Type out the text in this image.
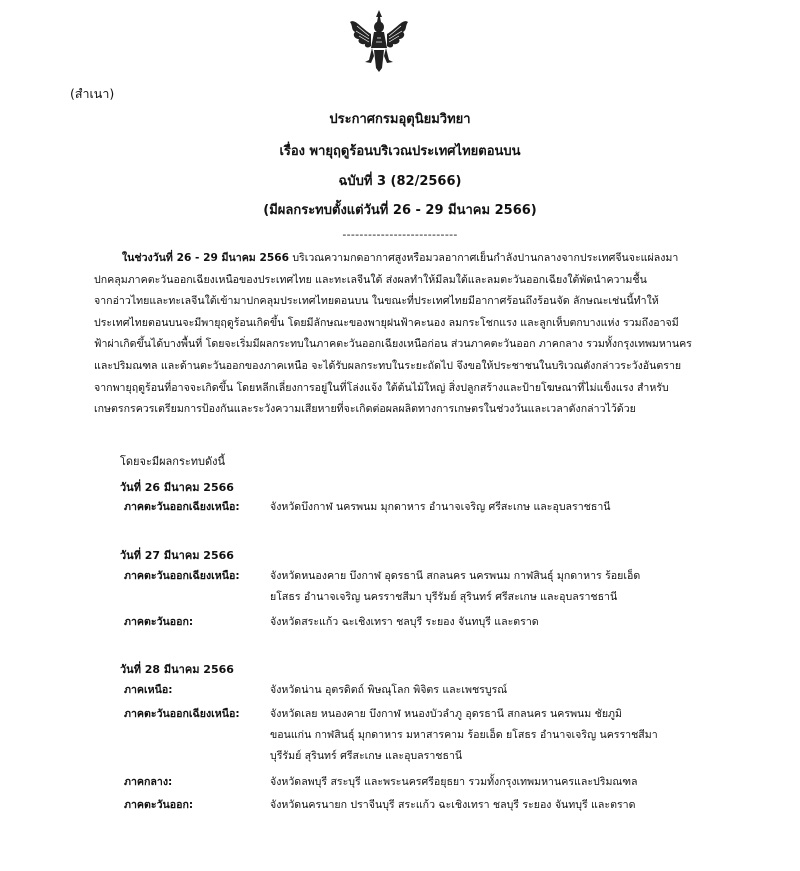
(สำเนา)
ประกาศกรมอุตุนิยมวิทยา
เรื่อง พายุฤดูร้อนบริเวณประเทศไทยตอนบน
ฉบับที่ 3 (82/2566)
(มีผลกระทบตั้งแต่วันที่ 26 - 29 มีนาคม 2566)
---------------------------
ในช่วงวันที่ 26 - 29 มีนาคม 2566 บริเวณความกดอากาศสูงหรือมวลอากาศเย็นกำลังปานกลางจากประเทศจีนจะแผ่ลงมา
ปกคลุมภาคตะวันออกเฉียงเหนือของประเทศไทย และทะเลจีนใต้ ส่งผลทำให้มีลมใต้และลมตะวันออกเฉียงใต้พัดนำความชื้น
จากอ่าวไทยและทะเลจีนใต้เข้ามาปกคลุมประเทศไทยตอนบน ในขณะที่ประเทศไทยมีอากาศร้อนถึงร้อนจัด ลักษณะเช่นนี้ทำให้
ประเทศไทยตอนบนจะมีพายุฤดูร้อนเกิดขึ้น โดยมีลักษณะของพายุฝนฟ้าคะนอง ลมกระโชกแรง และลูกเห็บตกบางแห่ง รวมถึงอาจมี
ฟ้าผ่าเกิดขึ้นได้บางพื้นที่ โดยจะเริ่มมีผลกระทบในภาคตะวันออกเฉียงเหนือก่อน ส่วนภาคตะวันออก ภาคกลาง รวมทั้งกรุงเทพมหานคร
และปริมณฑล และด้านตะวันออกของภาคเหนือ จะได้รับผลกระทบในระยะถัดไป จึงขอให้ประชาชนในบริเวณดังกล่าวระวังอันตราย
จากพายุฤดูร้อนที่อาจจะเกิดขึ้น โดยหลีกเลี่ยงการอยู่ในที่โล่งแจ้ง ใต้ต้นไม้ใหญ่ สิ่งปลูกสร้างและป้ายโฆษณาที่ไม่แข็งแรง สำหรับ
เกษตรกรควรเตรียมการป้องกันและระวังความเสียหายที่จะเกิดต่อผลผลิตทางการเกษตรในช่วงวันและเวลาดังกล่าวไว้ด้วย
โดยจะมีผลกระทบดังนี้
วันที่ 26 มีนาคม 2566
ภาคตะวันออกเฉียงเหนือ:	จังหวัดบึงกาฬ นครพนม มุกดาหาร อำนาจเจริญ ศรีสะเกษ และอุบลราชธานี
วันที่ 27 มีนาคม 2566
ภาคตะวันออกเฉียงเหนือ:	จังหวัดหนองคาย บึงกาฬ อุดรธานี สกลนคร นครพนม กาฬสินธุ์ มุกดาหาร ร้อยเอ็ด
ยโสธร อำนาจเจริญ นครราชสีมา บุรีรัมย์ สุรินทร์ ศรีสะเกษ และอุบลราชธานี
ภาคตะวันออก:	จังหวัดสระแก้ว ฉะเชิงเทรา ชลบุรี ระยอง จันทบุรี และตราด
วันที่ 28 มีนาคม 2566
ภาคเหนือ:	จังหวัดน่าน อุตรดิตถ์ พิษณุโลก พิจิตร และเพชรบูรณ์
ภาคตะวันออกเฉียงเหนือ:	จังหวัดเลย หนองคาย บึงกาฬ หนองบัวลำภู อุดรธานี สกลนคร นครพนม ชัยภูมิ
ขอนแก่น กาฬสินธุ์ มุกดาหาร มหาสารคาม ร้อยเอ็ด ยโสธร อำนาจเจริญ นครราชสีมา
บุรีรัมย์ สุรินทร์ ศรีสะเกษ และอุบลราชธานี
ภาคกลาง:	จังหวัดลพบุรี สระบุรี และพระนครศรีอยุธยา รวมทั้งกรุงเทพมหานครและปริมณฑล
ภาคตะวันออก:	จังหวัดนครนายก ปราจีนบุรี สระแก้ว ฉะเชิงเทรา ชลบุรี ระยอง จันทบุรี และตราด
